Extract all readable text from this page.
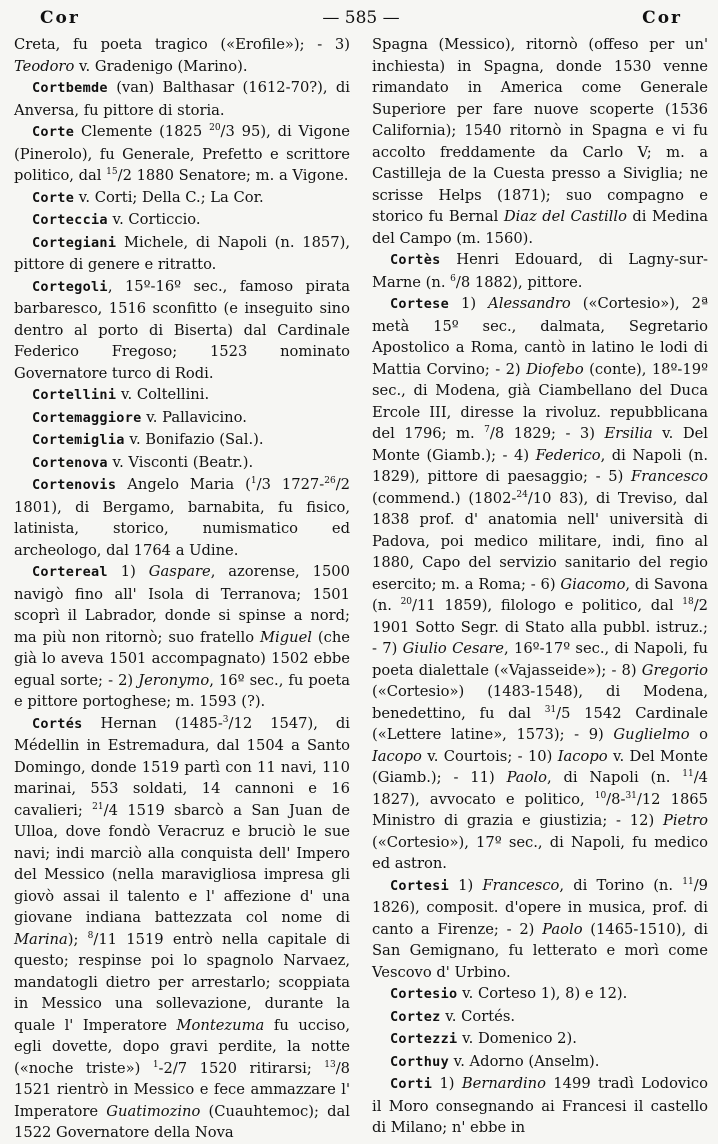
Cor	— 585 —	Cor

Creta, fu poeta tragico («Erofile»); - 3) Teodoro v. Gradenigo (Marino).

Cortbemde (van) Balthasar (1612-70?), di Anversa, fu pittore di storia.

Corte Clemente (1825 $^{20}$/3 95), di Vigone (Pinerolo), fu Generale, Prefetto e scrittore politico, dal $^{15}$/2 1880 Senatore; m. a Vigone.

Corte v. Corti; Della C.; La Cor.

Corteccia v. Corticcio.

Cortegiani Michele, di Napoli (n. 1857), pittore di genere e ritratto.

Cortegoli, 15º-16º sec., famoso pirata barbaresco, 1516 sconfitto (e inseguito sino dentro al porto di Biserta) dal Cardinale Federico Fregoso; 1523 nominato Governatore turco di Rodi.

Cortellini v. Coltellini.

Cortemaggiore v. Pallavicino.

Cortemiglia v. Bonifazio (Sal.).

Cortenova v. Visconti (Beatr.).

Cortenovis Angelo Maria ($^1$/3 1727-$^{26}$/2 1801), di Bergamo, barnabita, fu fisico, latinista, storico, numismatico ed archeologo, dal 1764 a Udine.

Cortereal 1) Gaspare, azorense, 1500 navigò fino all' Isola di Terranova; 1501 scoprì il Labrador, donde si spinse a nord; ma più non ritornò; suo fratello Miguel (che già lo aveva 1501 accompagnato) 1502 ebbe egual sorte; - 2) Jeronymo, 16º sec., fu poeta e pittore portoghese; m. 1593 (?).

Cortés Hernan (1485-$^3$/12 1547), di Médellin in Estremadura, dal 1504 a Santo Domingo, donde 1519 partì con 11 navi, 110 marinai, 553 soldati, 14 cannoni e 16 cavalieri; $^{21}$/4 1519 sbarcò a San Juan de Ulloa, dove fondò Veracruz e bruciò le sue navi; indi marciò alla conquista dell' Impero del Messico (nella maravigliosa impresa gli giovò assai il talento e l' affezione d' una giovane indiana battezzata col nome di Marina); $^8$/11 1519 entrò nella capitale di questo; respinse poi lo spagnolo Narvaez, mandatogli dietro per arrestarlo; scoppiata in Messico una sollevazione, durante la quale l' Imperatore Montezuma fu ucciso, egli dovette, dopo gravi perdite, la notte («noche triste») $^1$-2/7 1520 ritirarsi; $^{13}$/8 1521 rientrò in Messico e fece ammazzare l' Imperatore Guatimozino (Cuauhtemoc); dal 1522 Governatore della Nova

Spagna (Messico), ritornò (offeso per un' inchiesta) in Spagna, donde 1530 venne rimandato in America come Generale Superiore per fare nuove scoperte (1536 California); 1540 ritornò in Spagna e vi fu accolto freddamente da Carlo V; m. a Castilleja de la Cuesta presso a Siviglia; ne scrisse Helps (1871); suo compagno e storico fu Bernal Diaz del Castillo di Medina del Campo (m. 1560).

Cortès Henri Edouard, di Lagny-sur-Marne (n. $^6$/8 1882), pittore.

Cortese 1) Alessandro («Cortesio»), 2ª metà 15º sec., dalmata, Segretario Apostolico a Roma, cantò in latino le lodi di Mattia Corvino; - 2) Diofebo (conte), 18º-19º sec., di Modena, già Ciambellano del Duca Ercole III, diresse la rivoluz. repubblicana del 1796; m. $^7$/8 1829; - 3) Ersilia v. Del Monte (Giamb.); - 4) Federico, di Napoli (n. 1829), pittore di paesaggio; - 5) Francesco (commend.) (1802-$^{24}$/10 83), di Treviso, dal 1838 prof. d' anatomia nell' università di Padova, poi medico militare, indi, fino al 1880, Capo del servizio sanitario del regio esercito; m. a Roma; - 6) Giacomo, di Savona (n. $^{20}$/11 1859), filologo e politico, dal $^{18}$/2 1901 Sotto Segr. di Stato alla pubbl. istruz.; - 7) Giulio Cesare, 16º-17º sec., di Napoli, fu poeta dialettale («Vajasseide»); - 8) Gregorio («Cortesio») (1483-1548), di Modena, benedettino, fu dal $^{31}$/5 1542 Cardinale («Lettere latine», 1573); - 9) Guglielmo o Iacopo v. Courtois; - 10) Iacopo v. Del Monte (Giamb.); - 11) Paolo, di Napoli (n. $^{11}$/4 1827), avvocato e politico, $^{10}$/8-$^{31}$/12 1865 Ministro di grazia e giustizia; - 12) Pietro («Cortesio»), 17º sec., di Napoli, fu medico ed astron.

Cortesi 1) Francesco, di Torino (n. $^{11}$/9 1826), composit. d'opere in musica, prof. di canto a Firenze; - 2) Paolo (1465-1510), di San Gemignano, fu letterato e morì come Vescovo d' Urbino.

Cortesio v. Corteso 1), 8) e 12).

Cortez v. Cortés.

Cortezzi v. Domenico 2).

Corthuy v. Adorno (Anselm).

Corti 1) Bernardino 1499 tradì Lodovico il Moro consegnando ai Francesi il castello di Milano; n' ebbe in
